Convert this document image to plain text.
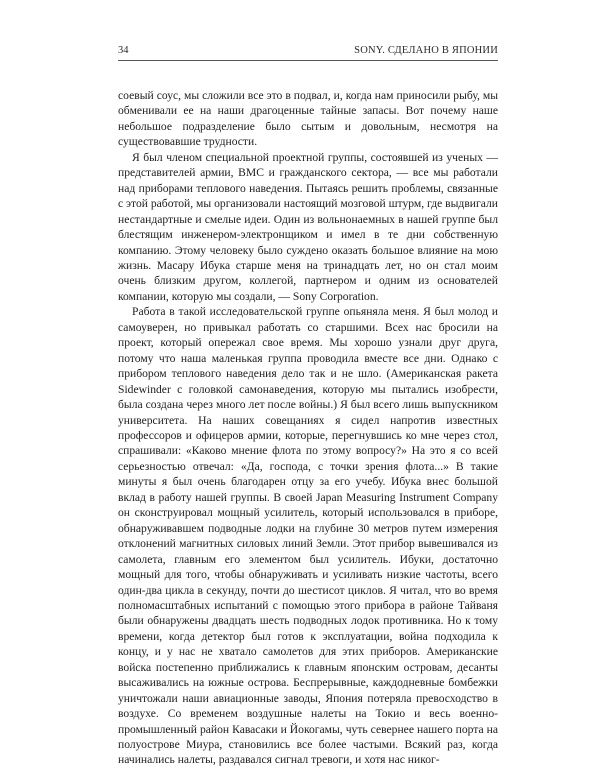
34	SONY. СДЕЛАНО В ЯПОНИИ

соевый соус, мы сложили все это в подвал, и, когда нам приносили рыбу, мы обменивали ее на наши драгоценные тайные запасы. Вот почему наше небольшое подразделение было сытым и довольным, несмотря на существовавшие трудности.

Я был членом специальной проектной группы, состоявшей из ученых — представителей армии, ВМС и гражданского сектора, — все мы работали над приборами теплового наведения. Пытаясь решить проблемы, связанные с этой работой, мы организовали настоящий мозговой штурм, где выдвигали нестандартные и смелые идеи. Один из вольнонаемных в нашей группе был блестящим инженером-электронщиком и имел в те дни собственную компанию. Этому человеку было суждено оказать большое влияние на мою жизнь. Масару Ибука старше меня на тринадцать лет, но он стал моим очень близким другом, коллегой, партнером и одним из основателей компании, которую мы создали, — Sony Corporation.

Работа в такой исследовательской группе опьяняла меня. Я был молод и самоуверен, но привыкал работать со старшими. Всех нас бросили на проект, который опережал свое время. Мы хорошо узнали друг друга, потому что наша маленькая группа проводила вместе все дни. Однако с прибором теплового наведения дело так и не шло. (Американская ракета Sidewinder с головкой самонаведения, которую мы пытались изобрести, была создана через много лет после войны.) Я был всего лишь выпускником университета. На наших совещаниях я сидел напротив известных профессоров и офицеров армии, которые, перегнувшись ко мне через стол, спрашивали: «Каково мнение флота по этому вопросу?» На это я со всей серьезностью отвечал: «Да, господа, с точки зрения флота...» В такие минуты я был очень благодарен отцу за его учебу. Ибука внес большой вклад в работу нашей группы. В своей Japan Measuring Instrument Company он сконструировал мощный усилитель, который использовался в приборе, обнаруживавшем подводные лодки на глубине 30 метров путем измерения отклонений магнитных силовых линий Земли. Этот прибор вывешивался из самолета, главным его элементом был усилитель. Ибуки, достаточно мощный для того, чтобы обнаруживать и усиливать низкие частоты, всего один-два цикла в секунду, почти до шестисот циклов. Я читал, что во время полномасштабных испытаний с помощью этого прибора в районе Тайваня были обнаружены двадцать шесть подводных лодок противника. Но к тому времени, когда детектор был готов к эксплуатации, война подходила к концу, и у нас не хватало самолетов для этих приборов. Американские войска постепенно приближались к главным японским островам, десанты высаживались на южные острова. Беспрерывные, каждодневные бомбежки уничтожали наши авиационные заводы, Япония потеряла превосходство в воздухе. Со временем воздушные налеты на Токио и весь военно-промышленный район Кавасаки и Йокогамы, чуть севернее нашего порта на полуострове Миура, становились все более частыми. Всякий раз, когда начинались налеты, раздавался сигнал тревоги, и хотя нас никог-
